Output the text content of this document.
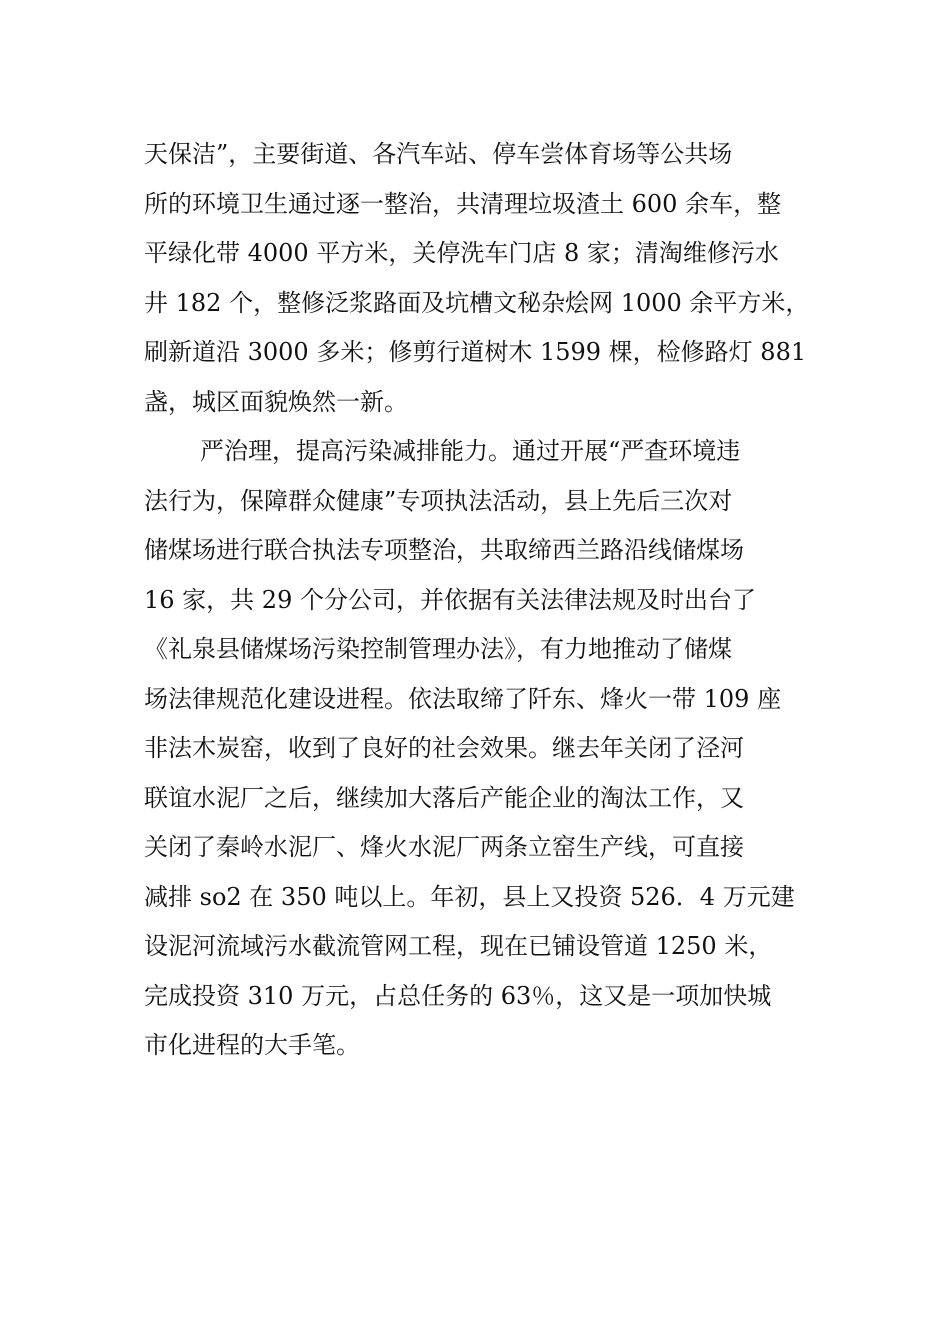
天保洁”，主要街道、各汽车站、停车尝体育场等公共场
所的环境卫生通过逐一整治，共清理垃圾渣土 600 余车，整
平绿化带 4000 平方米，关停洗车门店 8 家；清淘维修污水
井 182 个，整修泛浆路面及坑槽文秘杂烩网 1000 余平方米，
刷新道沿 3000 多米；修剪行道树木 1599 棵，检修路灯 881
盏，城区面貌焕然一新。
严治理，提高污染减排能力。通过开展“严查环境违
法行为，保障群众健康”专项执法活动，县上先后三次对
储煤场进行联合执法专项整治，共取缔西兰路沿线储煤场
16 家，共 29 个分公司，并依据有关法律法规及时出台了
《礼泉县储煤场污染控制管理办法》，有力地推动了储煤
场法律规范化建设进程。依法取缔了阡东、烽火一带 109 座
非法木炭窑，收到了良好的社会效果。继去年关闭了泾河
联谊水泥厂之后，继续加大落后产能企业的淘汰工作，又
关闭了秦岭水泥厂、烽火水泥厂两条立窑生产线，可直接
减排 so2 在 350 吨以上。年初，县上又投资 526．4 万元建
设泥河流域污水截流管网工程，现在已铺设管道 1250 米，
完成投资 310 万元，占总任务的 63％，这又是一项加快城
市化进程的大手笔。
